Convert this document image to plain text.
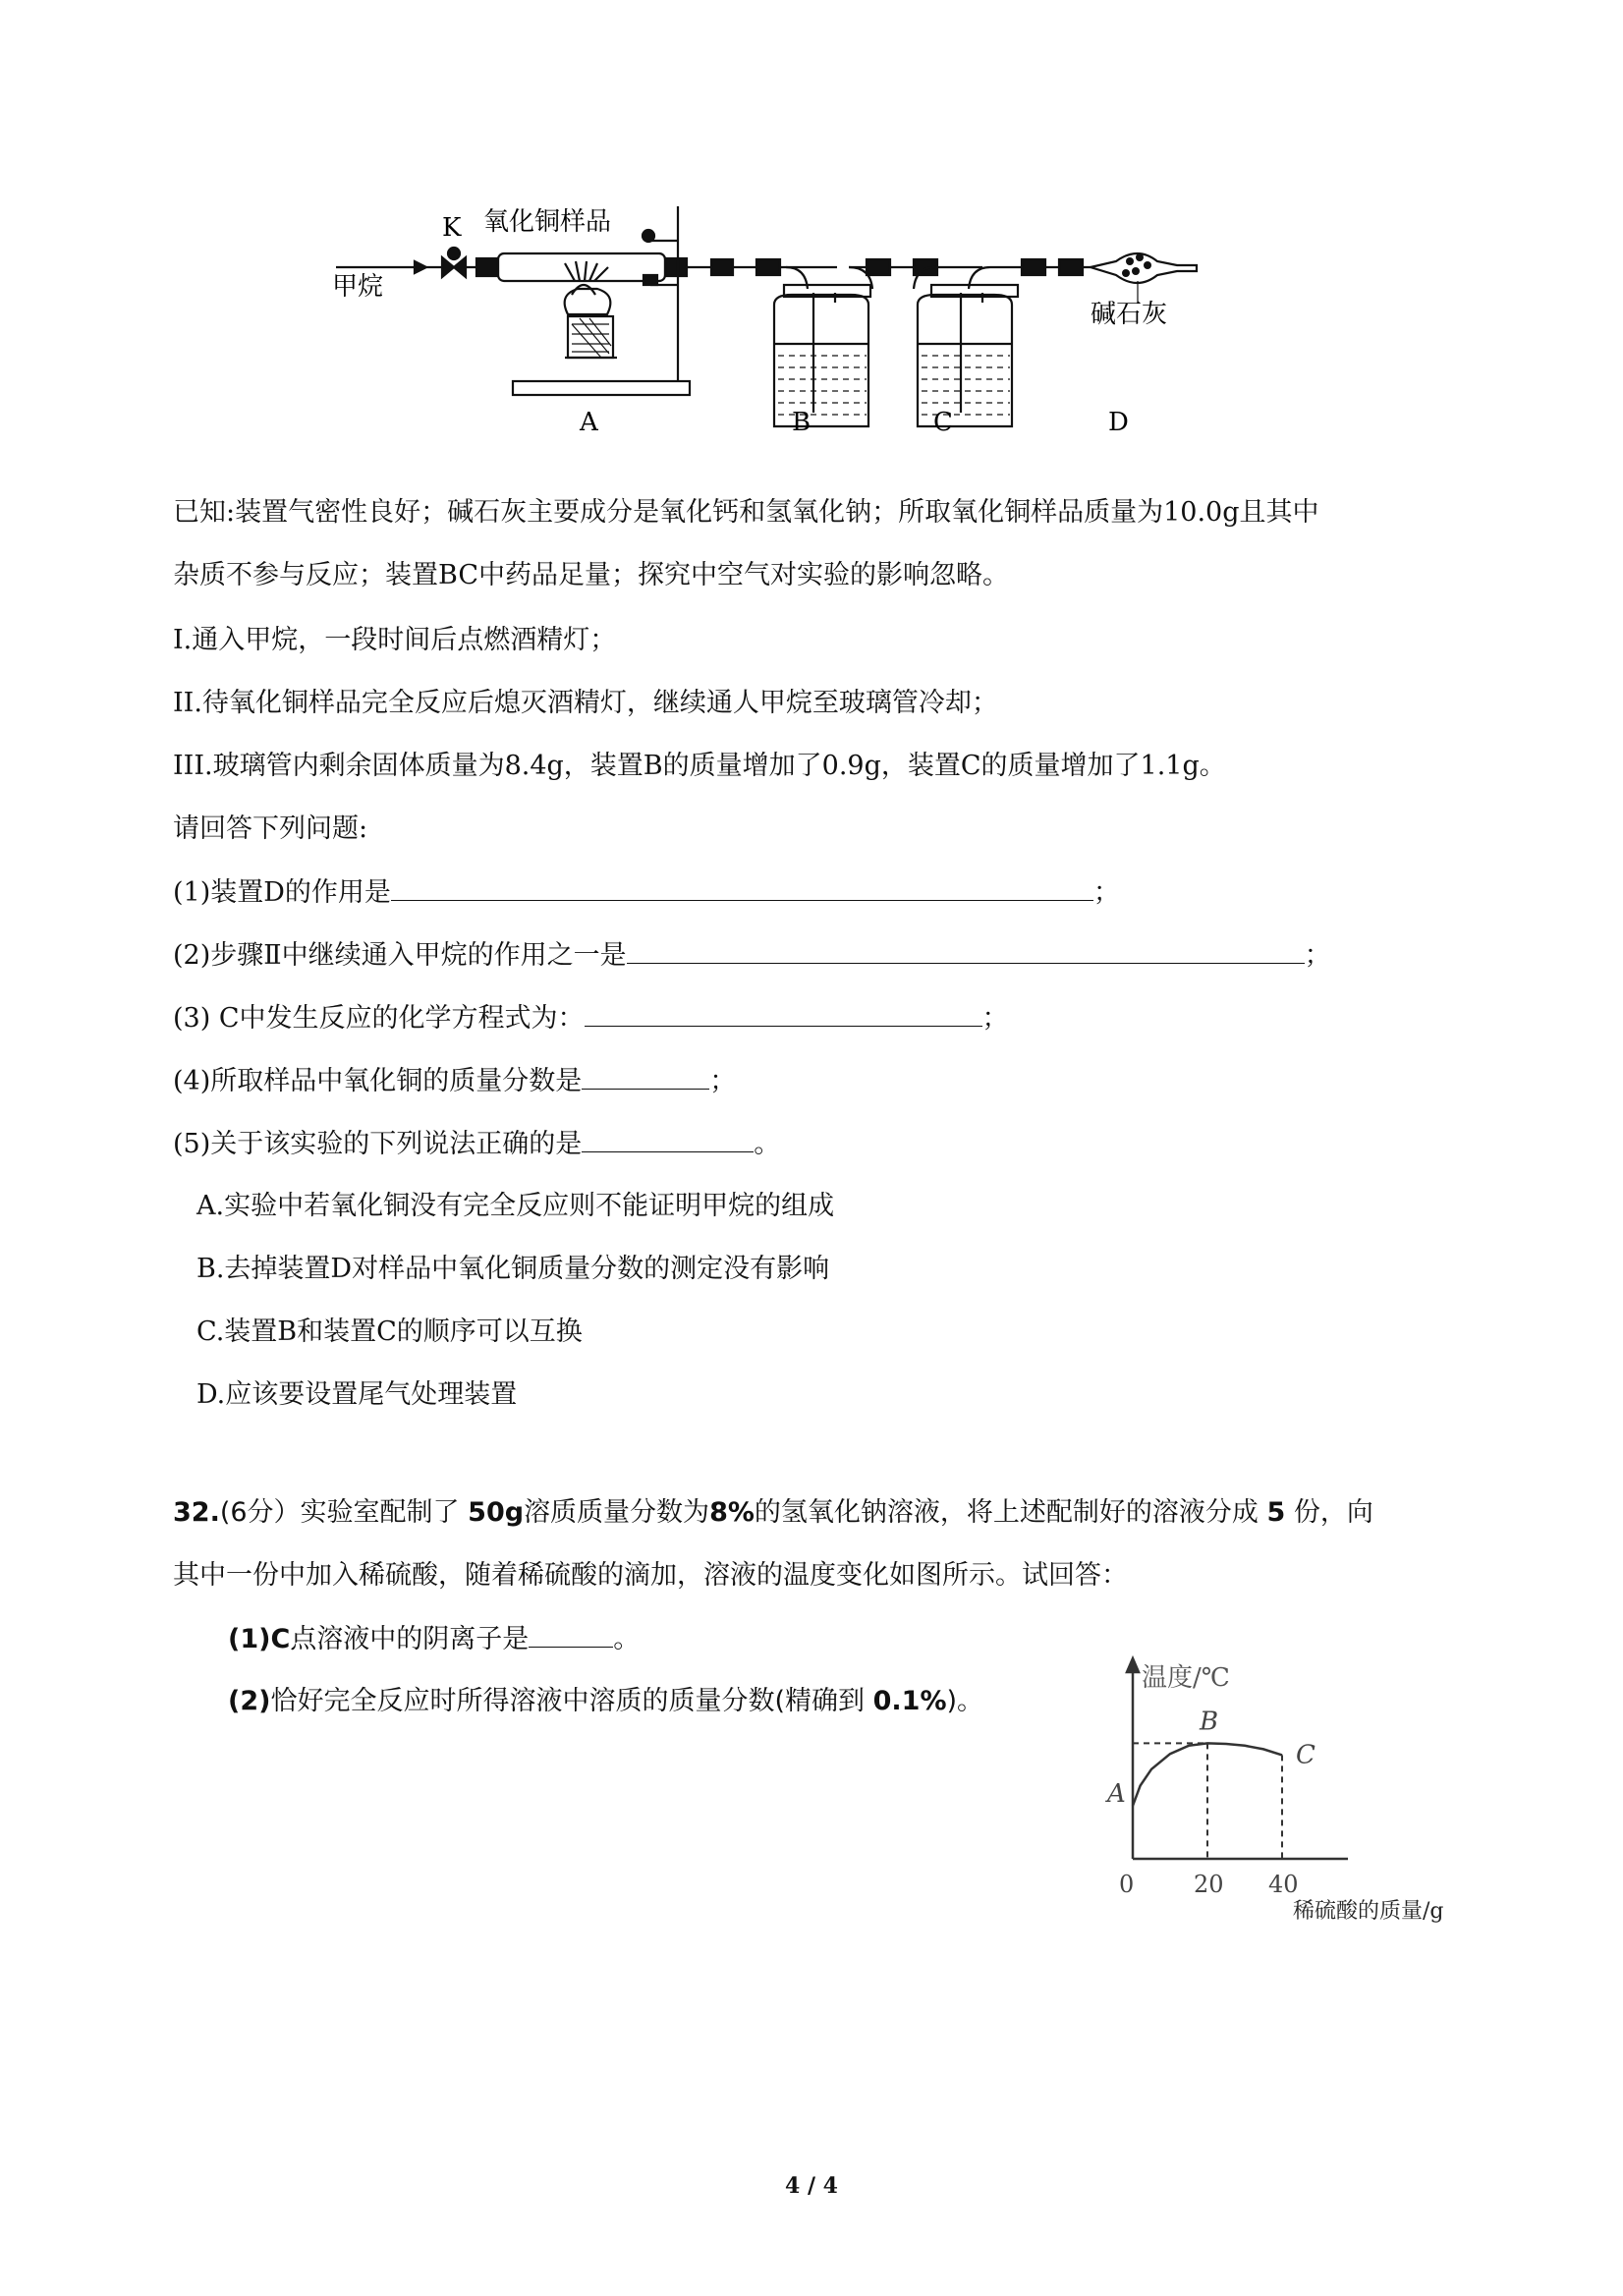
甲烷
K 氧化铜样品
碱石灰
A	B	C	D
已知:装置气密性良好；碱石灰主要成分是氧化钙和氢氧化钠；所取氧化铜样品质量为10.0g且其中
杂质不参与反应；装置BC中药品足量；探究中空气对实验的影响忽略。
I.通入甲烷，一段时间后点燃酒精灯；
II.待氧化铜样品完全反应后熄灭酒精灯，继续通人甲烷至玻璃管冷却；
III.玻璃管内剩余固体质量为8.4g，装置B的质量增加了0.9g，装置C的质量增加了1.1g。
请回答下列问题:
(1)装置D的作用是	；
(2)步骤Ⅱ中继续通入甲烷的作用之一是	；
(3) C中发生反应的化学方程式为：	；
(4)所取样品中氧化铜的质量分数是	；
(5)关于该实验的下列说法正确的是	。
A.实验中若氧化铜没有完全反应则不能证明甲烷的组成
B.去掉装置D对样品中氧化铜质量分数的测定没有影响
C.装置B和装置C的顺序可以互换
D.应该要设置尾气处理装置
32.(6分）实验室配制了 50g溶质质量分数为8%的氢氧化钠溶液，将上述配制好的溶液分成 5 份，向
其中一份中加入稀硫酸，随着稀硫酸的滴加，溶液的温度变化如图所示。试回答：
(1)C点溶液中的阴离子是	。
(2)恰好完全反应时所得溶液中溶质的质量分数(精确到 0.1%)。
0	20 40
A
B
C
温度/℃
稀硫酸的质量/g
4 / 4
